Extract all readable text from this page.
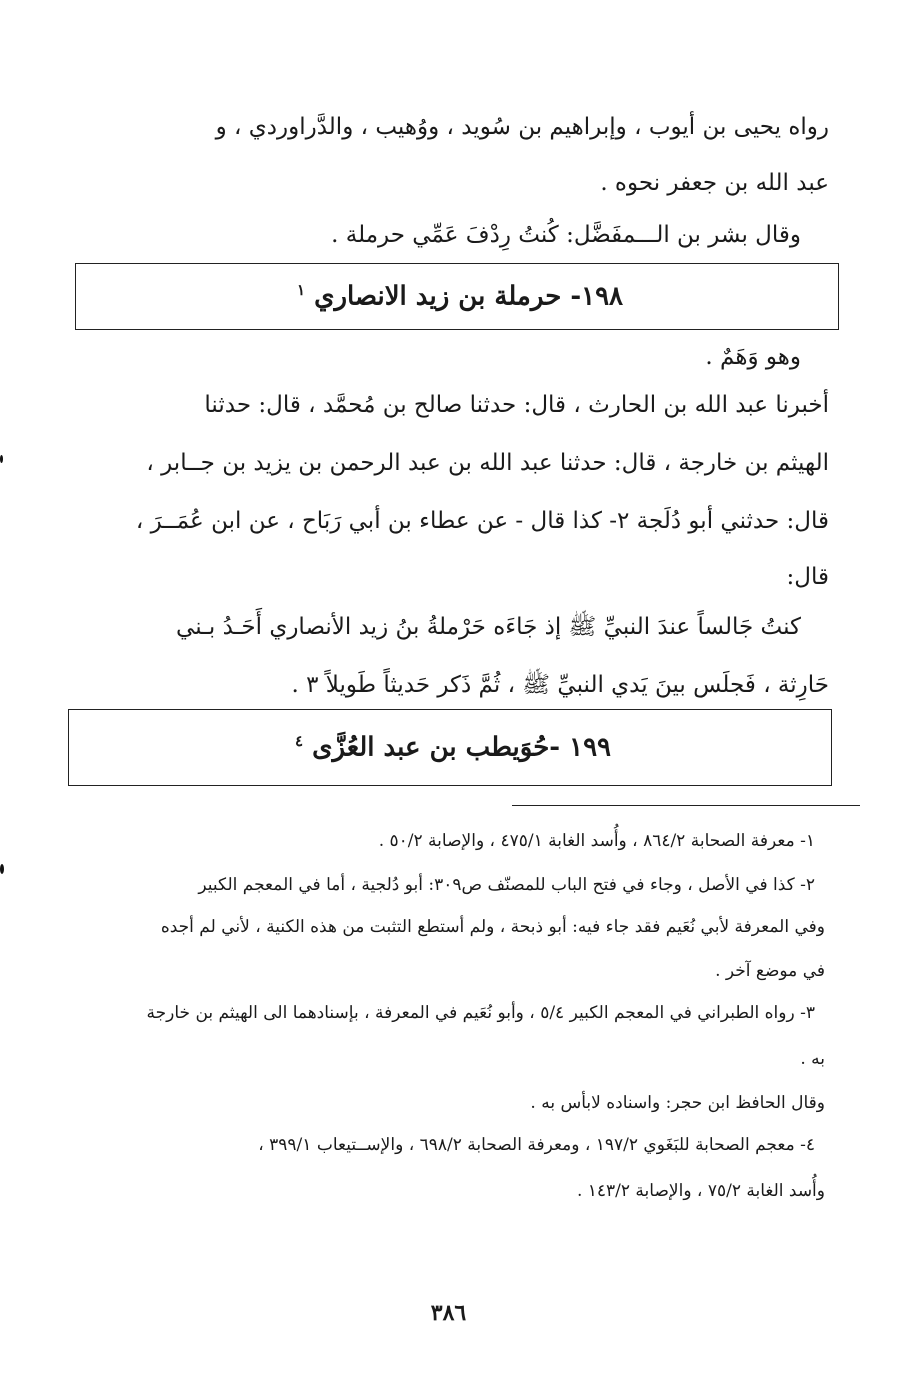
رواه يحيى بن أيوب ، وإبراهيم بن سُويد ، ووُهيب ، والدَّراوردي ، و
عبد الله بن جعفر نحوه .
وقال بشر بن الـــمفَضَّل: كُنتُ رِدْفَ عَمِّي حرملة .
١٩٨- حرملة بن زيد الانصاري $^١$
وهو وَهَمٌ .
أخبرنا عبد الله بن الحارث ، قال: حدثنا صالح بن مُحمَّد ، قال: حدثنا
الهيثم بن خارجة ، قال: حدثنا عبد الله بن عبد الرحمن بن يزيد بن جــابر ،
قال: حدثني أبو دُلَجة ٢- كذا قال - عن عطاء بن أبي رَبَاح ، عن ابن عُمَــرَ ،
قال:
كنتُ جَالساً عندَ النبيِّ ﷺ إذ جَاءَه حَرْملةُ بنُ زيد الأنصاري أَحَـدُ بـني
حَارِثة ، فَجلَس بينَ يَدي النبيِّ ﷺ ، ثُمَّ ذَكر حَديثاً طَويلاً ٣ .
١٩٩ -حُوَيطب بن عبد العُزَّى $^٤$
١- معرفة الصحابة ٨٦٤/٢ ، وأُسد الغابة ٤٧٥/١ ، والإصابة ٥٠/٢ .
٢- كذا في الأصل ، وجاء في فتح الباب للمصنّف ص٣٠٩: أبو دُلجية ، أما في المعجم الكبير
وفي المعرفة لأبي نُعَيم فقد جاء فيه: أبو ذبحة ، ولم أستطع التثبت من هذه الكنية ، لأني لم أجده
في موضع آخر .
٣- رواه الطبراني في المعجم الكبير ٥/٤ ، وأبو نُعَيم في المعرفة ، بإسنادهما الى الهيثم بن خارجة
به .
وقال الحافظ ابن حجر: واسناده لابأس به .
٤- معجم الصحابة للبَغَوي ١٩٧/٢ ، ومعرفة الصحابة ٦٩٨/٢ ، والإســتيعاب ٣٩٩/١ ،
وأُسد الغابة ٧٥/٢ ، والإصابة ١٤٣/٢ .
٣٨٦
